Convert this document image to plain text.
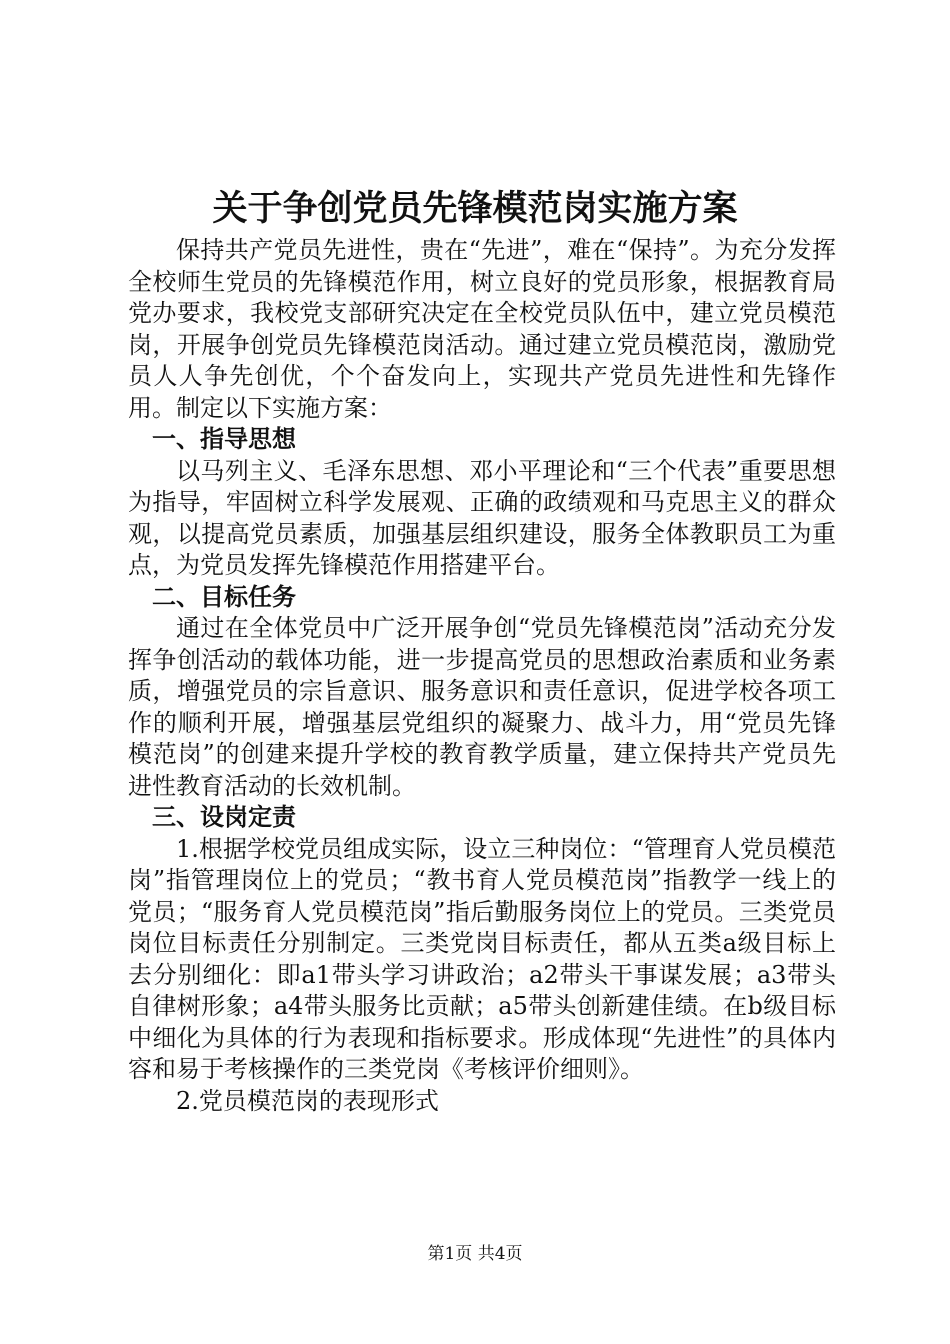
关于争创党员先锋模范岗实施方案

保持共产党员先进性，贵在“先进”，难在“保持”。为充分发挥全校师生党员的先锋模范作用，树立良好的党员形象，根据教育局党办要求，我校党支部研究决定在全校党员队伍中，建立党员模范岗，开展争创党员先锋模范岗活动。通过建立党员模范岗，激励党员人人争先创优，个个奋发向上，实现共产党员先进性和先锋作用。制定以下实施方案：

一、指导思想

以马列主义、毛泽东思想、邓小平理论和“三个代表”重要思想为指导，牢固树立科学发展观、正确的政绩观和马克思主义的群众观，以提高党员素质，加强基层组织建设，服务全体教职员工为重点，为党员发挥先锋模范作用搭建平台。

二、目标任务

通过在全体党员中广泛开展争创“党员先锋模范岗”活动充分发挥争创活动的载体功能，进一步提高党员的思想政治素质和业务素质，增强党员的宗旨意识、服务意识和责任意识，促进学校各项工作的顺利开展，增强基层党组织的凝聚力、战斗力，用“党员先锋模范岗”的创建来提升学校的教育教学质量，建立保持共产党员先进性教育活动的长效机制。

三、设岗定责

1.根据学校党员组成实际，设立三种岗位：“管理育人党员模范岗”指管理岗位上的党员；“教书育人党员模范岗”指教学一线上的党员；“服务育人党员模范岗”指后勤服务岗位上的党员。三类党员岗位目标责任分别制定。三类党岗目标责任，都从五类a级目标上去分别细化：即a1带头学习讲政治；a2带头干事谋发展；a3带头自律树形象；a4带头服务比贡献；a5带头创新建佳绩。在b级目标中细化为具体的行为表现和指标要求。形成体现“先进性”的具体内容和易于考核操作的三类党岗《考核评价细则》。

2.党员模范岗的表现形式

第1页 共4页
